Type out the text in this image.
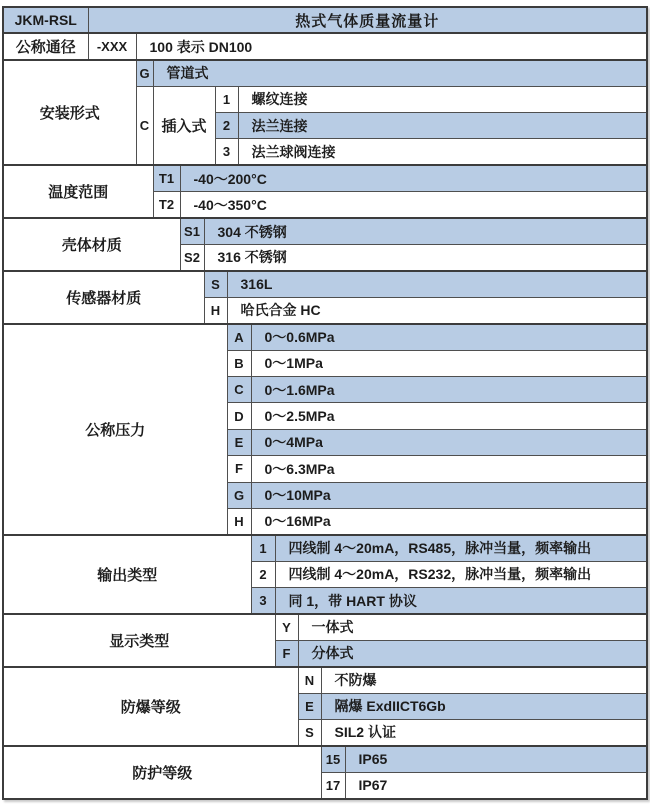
JKM-RSL	热式气体质量流量计												
公称通径	-XXX	100 表示 DN100											
安装形式		G	管道式										
		C	插入式			1		螺纹连接					
						2		法兰连接					
						3		法兰球阀连接					
温度范围			T1	-40～200°C									
			T2	-40～350°C									
壳体材质				S1	304 不锈钢								
				S2	316 不锈钢								
传感器材质					S		316L						
					H		哈氏合金 HC						
公称压力							A		0～0.6MPa				
							B		0～1MPa				
							C		0～1.6MPa				
							D		0～2.5MPa				
							E		0～4MPa				
							F		0～6.3MPa				
							G		0～10MPa				
							H		0～16MPa				
输出类型									1	四线制 4～20mA，RS485，脉冲当量，频率输出			
									2	四线制 4～20mA，RS232，脉冲当量，频率输出			
									3	同 1，带 HART 协议			
显示类型										Y	一体式		
										F	分体式		
防爆等级											N	不防爆	
											E	隔爆 ExdIICT6Gb	
											S	SIL2 认证	
防护等级												15	IP65
												17	IP67
